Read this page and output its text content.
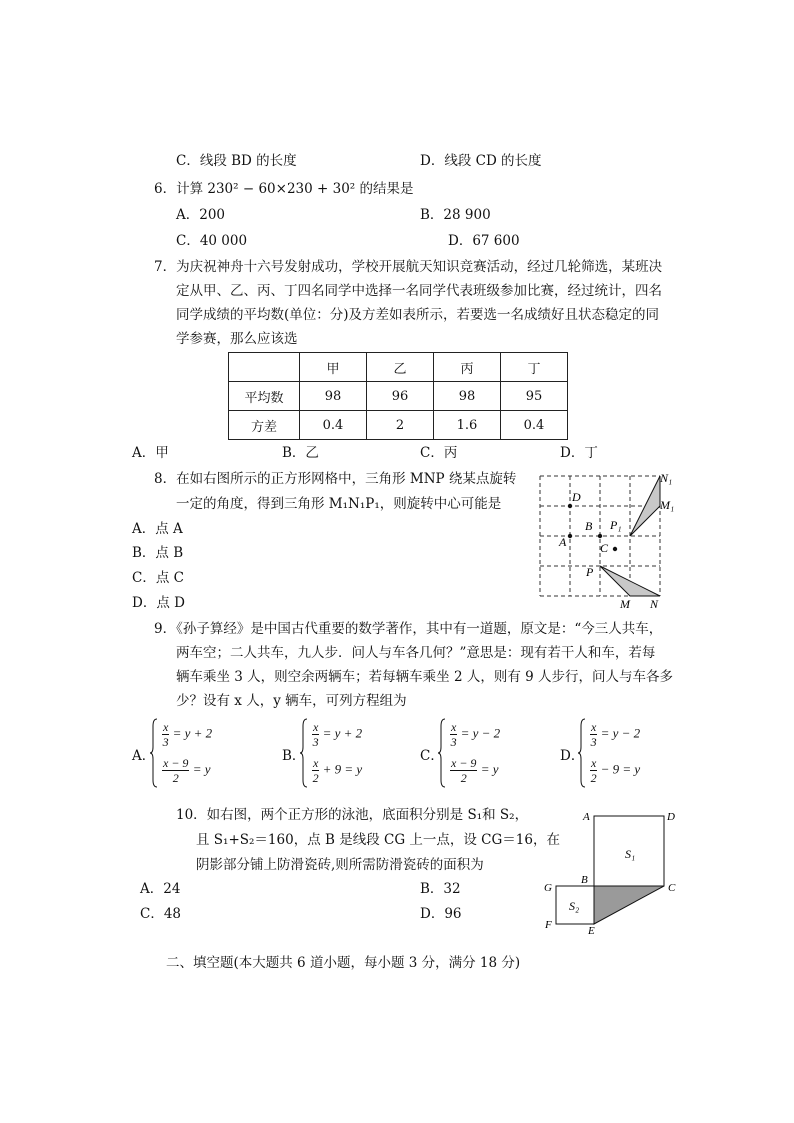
C．线段 BD 的长度	D．线段 CD 的长度
6．计算 230² − 60×230 + 30² 的结果是
A．200	B．28 900
C．40 000	D．67 600
7．为庆祝神舟十六号发射成功，学校开展航天知识竞赛活动，经过几轮筛选，某班决
定从甲、乙、丙、丁四名同学中选择一名同学代表班级参加比赛，经过统计，四名
同学成绩的平均数(单位：分)及方差如表所示，若要选一名成绩好且状态稳定的同
学参赛，那么应该选
	甲	乙	丙	丁
平均数	98	96	98	95
方差	0.4	2	1.6	0.4
A．甲	B．乙	C．丙	D．丁
8．在如右图所示的正方形网格中，三角形 MNP 绕某点旋转
一定的角度，得到三角形 M₁N₁P₁，则旋转中心可能是
A．点 A
B．点 B
C．点 C
D．点 D
N₁
M₁
D
B P₁
A	C
P
M N
9．《孙子算经》是中国古代重要的数学著作，其中有一道题，原文是：“今三人共车，
两车空；二人共车，九人步．问人与车各几何？”意思是：现有若干人和车，若每
辆车乘坐 3 人，则空余两辆车；若每辆车乘坐 2 人，则有 9 人步行，问人与车各多
少？设有 x 人，y 辆车，可列方程组为
A．
$\frac{x}{3} = y + 2$
$\frac{x - 9}{2} = y$
B．
$\frac{x}{3} = y + 2$
$\frac{x}{2} + 9 = y$
C．
$\frac{x}{3} = y - 2$
$\frac{x - 9}{2} = y$
D．
$\frac{x}{3} = y - 2$
$\frac{x}{2} - 9 = y$
10．如右图，两个正方形的泳池，底面积分别是 S₁和 S₂，
且 S₁+S₂＝160，点 B 是线段 CG 上一点，设 CG＝16，在
阴影部分铺上防滑瓷砖,则所需防滑瓷砖的面积为
A．24	B．32
C．48	D．96
A	D
S₁
G
B
C
S₂
F	E
二、填空题(本大题共 6 道小题，每小题 3 分，满分 18 分)
